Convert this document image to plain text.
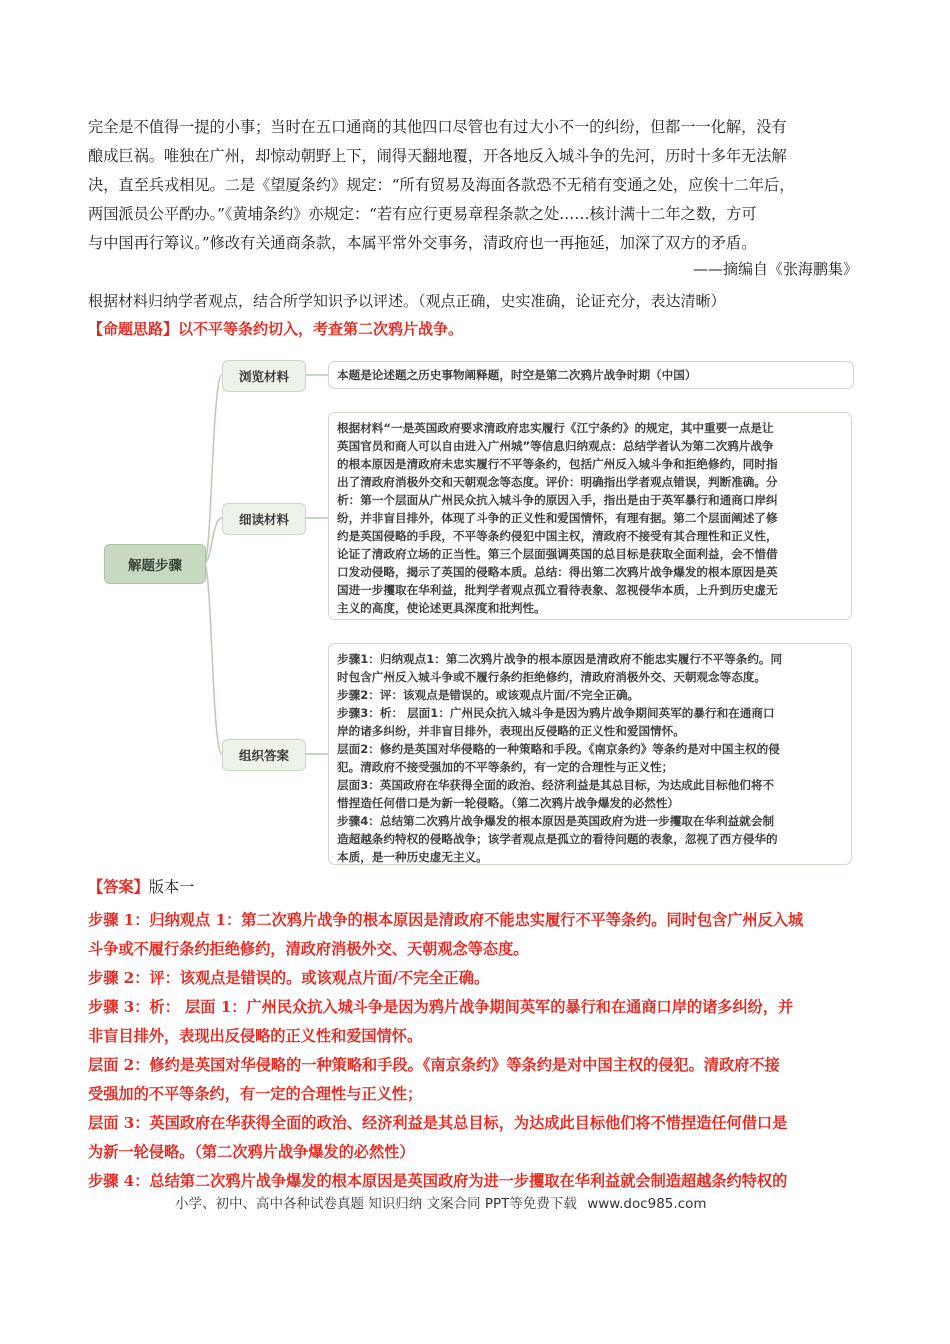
完全是不值得一提的小事；当时在五口通商的其他四口尽管也有过大小不一的纠纷，但都一一化解，没有
酿成巨祸。唯独在广州，却惊动朝野上下，闹得天翻地覆，开各地反入城斗争的先河，历时十多年无法解
决，直至兵戎相见。二是《望厦条约》规定：“所有贸易及海面各款恐不无稍有变通之处，应俟十二年后，
两国派员公平酌办。”《黄埔条约》亦规定：“若有应行更易章程条款之处……核计满十二年之数，方可
与中国再行筹议。”修改有关通商条款，本属平常外交事务，清政府也一再拖延，加深了双方的矛盾。
——摘编自《张海鹏集》
根据材料归纳学者观点，结合所学知识予以评述。（观点正确，史实准确，论证充分，表达清晰）
【命题思路】以不平等条约切入，考查第二次鸦片战争。
解题步骤
浏览材料
细读材料
组织答案

本题是论述题之历史事物阐释题，时空是第二次鸦片战争时期（中国）

根据材料“一是英国政府要求清政府忠实履行《江宁条约》的规定，其中重要一点是让

英国官员和商人可以自由进入广州城”等信息归纳观点：总结学者认为第二次鸦片战争

的根本原因是清政府未忠实履行不平等条约，包括广州反入城斗争和拒绝修约，同时指

出了清政府消极外交和天朝观念等态度。评价：明确指出学者观点错误，判断准确。分

析：第一个层面从广州民众抗入城斗争的原因入手，指出是由于英军暴行和通商口岸纠

纷，并非盲目排外，体现了斗争的正义性和爱国情怀，有理有据。第二个层面阐述了修

约是英国侵略的手段，不平等条约侵犯中国主权，清政府不接受有其合理性和正义性，

论证了清政府立场的正当性。第三个层面强调英国的总目标是获取全面利益，会不惜借

口发动侵略，揭示了英国的侵略本质。总结：得出第二次鸦片战争爆发的根本原因是英

国进一步攫取在华利益，批判学者观点孤立看待表象、忽视侵华本质，上升到历史虚无

主义的高度，使论述更具深度和批判性。

步骤1：归纳观点1：第二次鸦片战争的根本原因是清政府不能忠实履行不平等条约。同

时包含广州反入城斗争或不履行条约拒绝修约，清政府消极外交、天朝观念等态度。

步骤2：评：该观点是错误的。或该观点片面/不完全正确。

步骤3：析： 层面1：广州民众抗入城斗争是因为鸦片战争期间英军的暴行和在通商口

岸的诸多纠纷，并非盲目排外，表现出反侵略的正义性和爱国情怀。

层面2：修约是英国对华侵略的一种策略和手段。《南京条约》等条约是对中国主权的侵

犯。清政府不接受强加的不平等条约，有一定的合理性与正义性；

层面3：英国政府在华获得全面的政治、经济利益是其总目标，为达成此目标他们将不

惜捏造任何借口是为新一轮侵略。（第二次鸦片战争爆发的必然性）

步骤4：总结第二次鸦片战争爆发的根本原因是英国政府为进一步攫取在华利益就会制

造超越条约特权的侵略战争；该学者观点是孤立的看待问题的表象，忽视了西方侵华的

本质，是一种历史虚无主义。

【答案】版本一
步骤 1：归纳观点 1：第二次鸦片战争的根本原因是清政府不能忠实履行不平等条约。同时包含广州反入城
斗争或不履行条约拒绝修约，清政府消极外交、天朝观念等态度。
步骤 2：评：该观点是错误的。或该观点片面/不完全正确。
步骤 3：析： 层面 1：广州民众抗入城斗争是因为鸦片战争期间英军的暴行和在通商口岸的诸多纠纷，并
非盲目排外，表现出反侵略的正义性和爱国情怀。
层面 2：修约是英国对华侵略的一种策略和手段。《南京条约》等条约是对中国主权的侵犯。清政府不接
受强加的不平等条约，有一定的合理性与正义性；
层面 3：英国政府在华获得全面的政治、经济利益是其总目标，为达成此目标他们将不惜捏造任何借口是
为新一轮侵略。（第二次鸦片战争爆发的必然性）
步骤 4：总结第二次鸦片战争爆发的根本原因是英国政府为进一步攫取在华利益就会制造超越条约特权的
小学、初中、高中各种试卷真题 知识归纳 文案合同 PPT等免费下载 www.doc985.com
